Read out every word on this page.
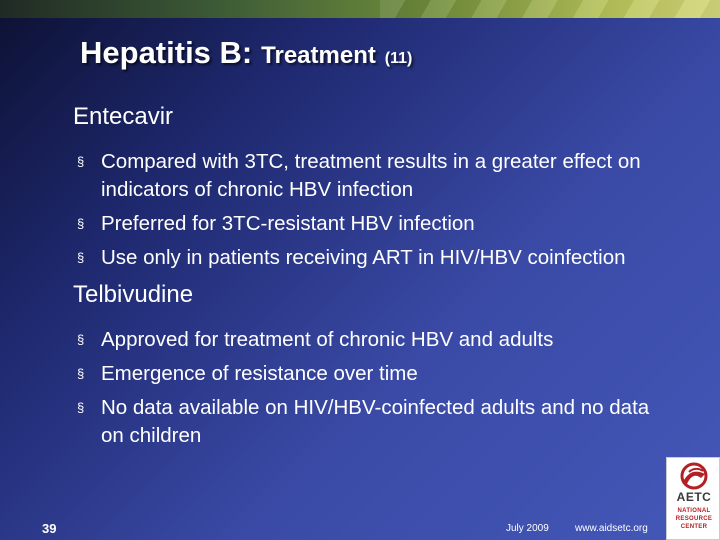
Hepatitis B: Treatment (11)
Entecavir
§ Compared with 3TC, treatment results in a greater effect on indicators of chronic HBV infection
§ Preferred for 3TC-resistant HBV infection
§ Use only in patients receiving ART in HIV/HBV coinfection
Telbivudine
§ Approved for treatment of chronic HBV and adults
§ Emergence of resistance over time
§ No data available on HIV/HBV-coinfected adults and no data on children
39	July 2009	www.aidsetc.org
AETC
NATIONAL
RESOURCE
CENTER
